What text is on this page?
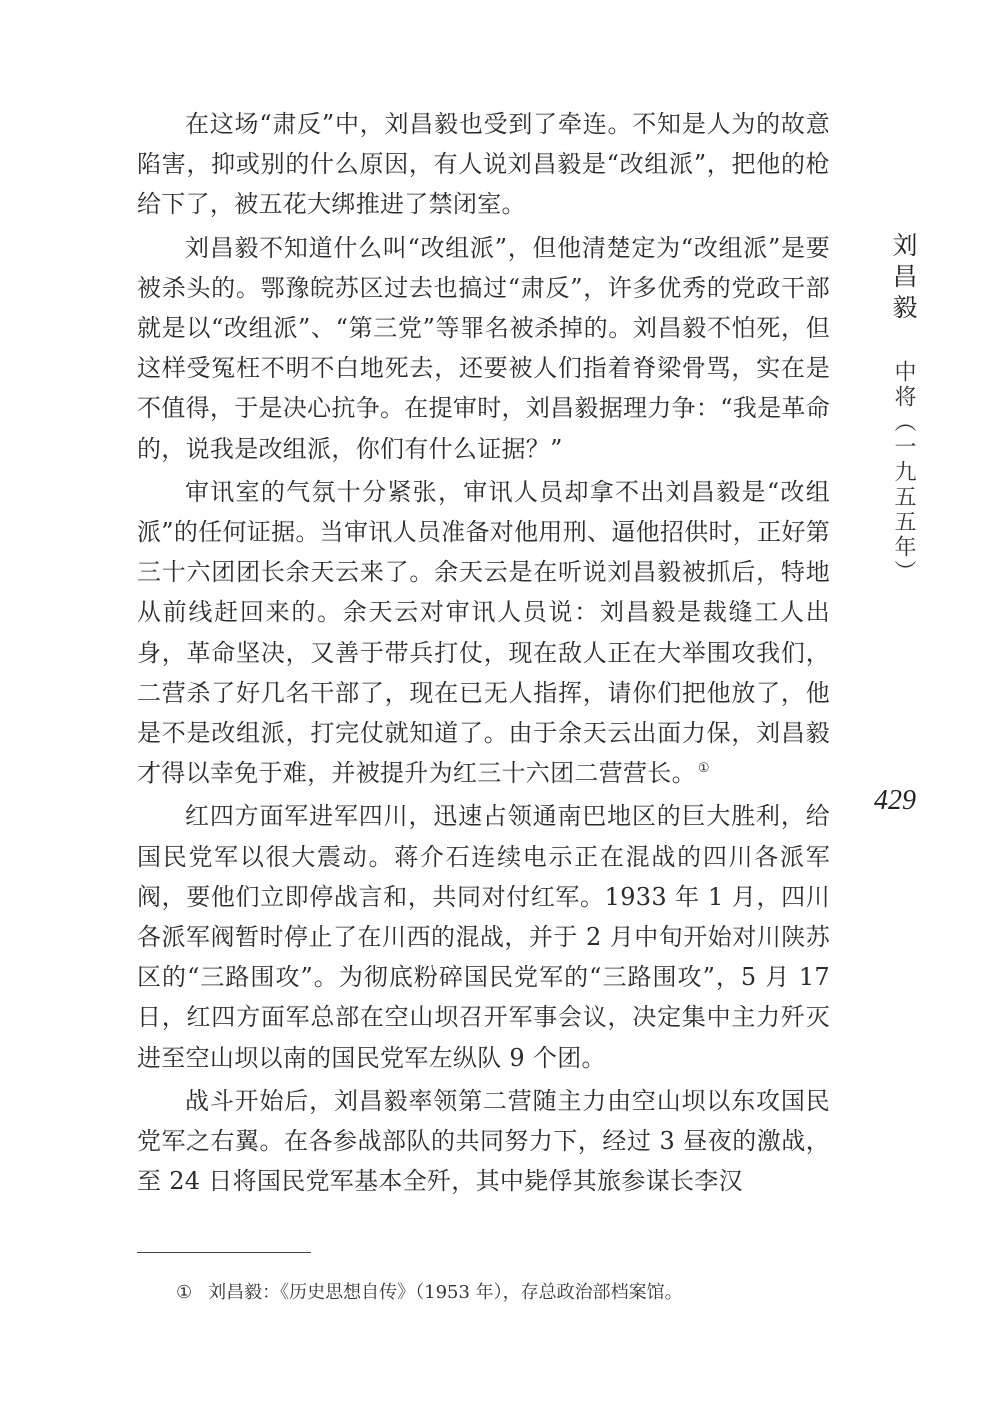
在这场“肃反”中，刘昌毅也受到了牵连。不知是人为的故意陷害，抑或别的什么原因，有人说刘昌毅是“改组派”，把他的枪给下了，被五花大绑推进了禁闭室。

刘昌毅不知道什么叫“改组派”，但他清楚定为“改组派”是要被杀头的。鄂豫皖苏区过去也搞过“肃反”，许多优秀的党政干部就是以“改组派”、“第三党”等罪名被杀掉的。刘昌毅不怕死，但这样受冤枉不明不白地死去，还要被人们指着脊梁骨骂，实在是不值得，于是决心抗争。在提审时，刘昌毅据理力争：“我是革命的，说我是改组派，你们有什么证据？”

审讯室的气氛十分紧张，审讯人员却拿不出刘昌毅是“改组派”的任何证据。当审讯人员准备对他用刑、逼他招供时，正好第三十六团团长余天云来了。余天云是在听说刘昌毅被抓后，特地从前线赶回来的。余天云对审讯人员说：刘昌毅是裁缝工人出身，革命坚决，又善于带兵打仗，现在敌人正在大举围攻我们，二营杀了好几名干部了，现在已无人指挥，请你们把他放了，他是不是改组派，打完仗就知道了。由于余天云出面力保，刘昌毅才得以幸免于难，并被提升为红三十六团二营营长。 ①

红四方面军进军四川，迅速占领通南巴地区的巨大胜利，给国民党军以很大震动。蒋介石连续电示正在混战的四川各派军阀，要他们立即停战言和，共同对付红军。1933 年 1 月，四川各派军阀暂时停止了在川西的混战，并于 2 月中旬开始对川陕苏区的“三路围攻”。为彻底粉碎国民党军的“三路围攻”，5 月 17 日，红四方面军总部在空山坝召开军事会议，决定集中主力歼灭进至空山坝以南的国民党军左纵队 9 个团。

战斗开始后，刘昌毅率领第二营随主力由空山坝以东攻国民党军之右翼。在各参战部队的共同努力下，经过 3 昼夜的激战，至 24 日将国民党军基本全歼，其中毙俘其旅参谋长李汉

刘昌毅
中将（一九五五年）
429
① 刘昌毅：《历史思想自传》（1953 年），存总政治部档案馆。
